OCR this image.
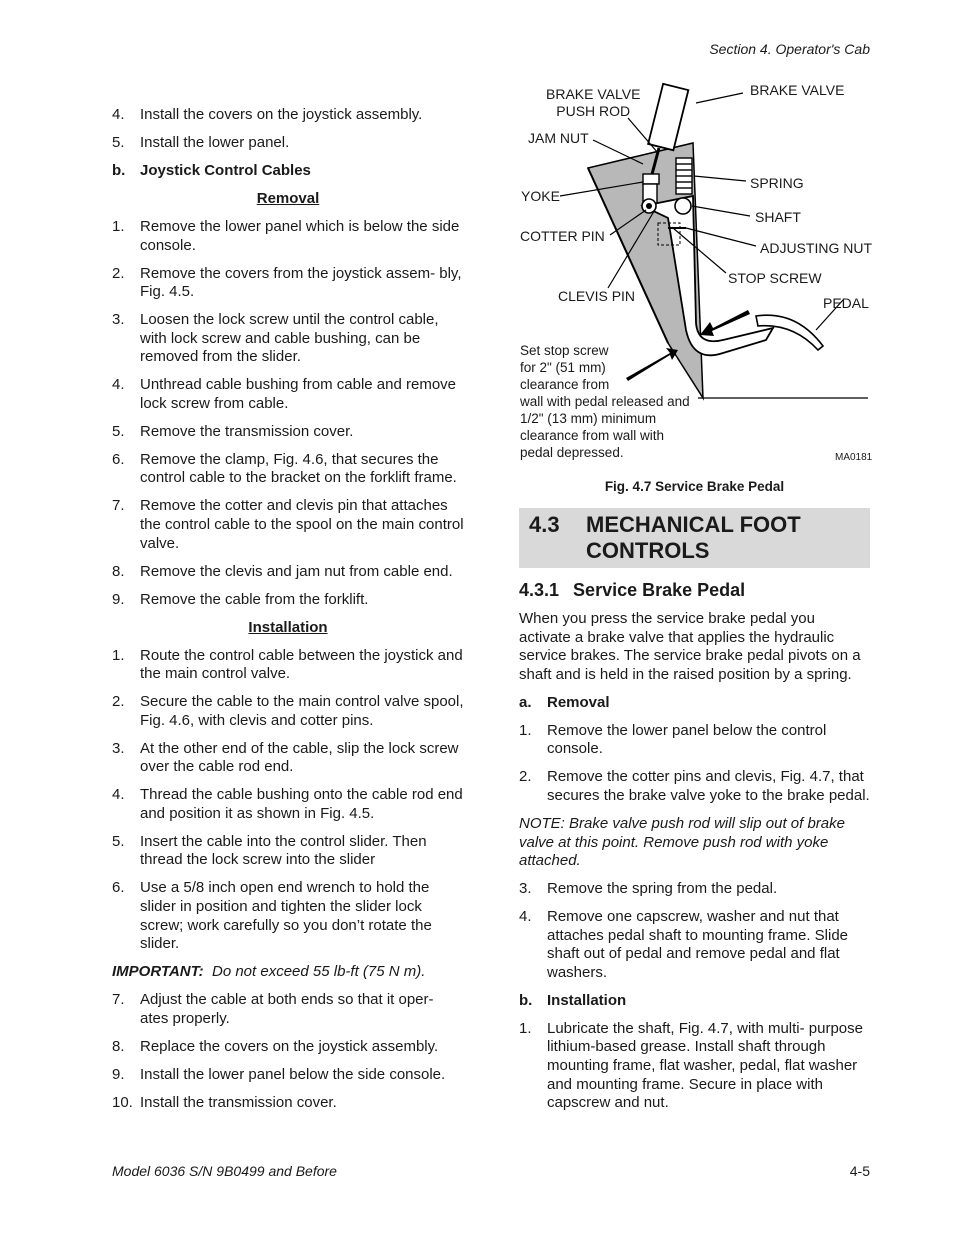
Section 4. Operator's Cab
4.	Install the covers on the joystick assembly.
5.	Install the lower panel.
b. Joystick Control Cables
Removal
1.	Remove the lower panel which is below the side console.
2.	Remove the covers from the joystick assem- bly, Fig. 4.5.
3.	Loosen the lock screw until the control cable, with lock screw and cable bushing, can be removed from the slider.
4.	Unthread cable bushing from cable and remove lock screw from cable.
5.	Remove the transmission cover.
6.	Remove the clamp, Fig. 4.6, that secures the control cable to the bracket on the forklift frame.
7.	Remove the cotter and clevis pin that attaches the control cable to the spool on the main control valve.
8.	Remove the clevis and jam nut from cable end.
9.	Remove the cable from the forklift.
Installation
1.	Route the control cable between the joystick and the main control valve.
2.	Secure the cable to the main control valve spool, Fig. 4.6, with clevis and cotter pins.
3.	At the other end of the cable, slip the lock screw over the cable rod end.
4.	Thread the cable bushing onto the cable rod end and position it as shown in Fig. 4.5.
5.	Insert the cable into the control slider. Then thread the lock screw into the slider
6.	Use a 5/8 inch open end wrench to hold the slider in position and tighten the slider lock screw; work carefully so you don’t rotate the slider.
IMPORTANT: Do not exceed 55 lb-ft (75 N m).
7.	Adjust the cable at both ends so that it oper- ates properly.
8.	Replace the covers on the joystick assembly.
9.	Install the lower panel below the side console.
10. Install the transmission cover.
BRAKE VALVE
PUSH ROD
BRAKE VALVE
JAM NUT
SPRING
YOKE
SHAFT
COTTER PIN
ADJUSTING NUT
STOP SCREW
CLEVIS PIN	PEDAL
Set stop screw
for 2" (51 mm)
clearance from
wall with pedal released and
1/2" (13 mm) minimum
clearance from wall with
pedal depressed.	MA0181
Fig. 4.7 Service Brake Pedal
4.3	MECHANICAL FOOT CONTROLS
4.3.1 Service Brake Pedal
When you press the service brake pedal you activate a brake valve that applies the hydraulic service brakes. The service brake pedal pivots on a shaft and is held in the raised position by a spring.
a.	Removal
1.	Remove the lower panel below the control console.
2.	Remove the cotter pins and clevis, Fig. 4.7, that secures the brake valve yoke to the brake pedal.
NOTE: Brake valve push rod will slip out of brake valve at this point. Remove push rod with yoke attached.
3.	Remove the spring from the pedal.
4.	Remove one capscrew, washer and nut that attaches pedal shaft to mounting frame. Slide shaft out of pedal and remove pedal and flat washers.
b. Installation
1.	Lubricate the shaft, Fig. 4.7, with multi- purpose lithium-based grease. Install shaft through mounting frame, flat washer, pedal, flat washer and mounting frame. Secure in place with capscrew and nut.
Model 6036 S/N 9B0499 and Before	4-5
